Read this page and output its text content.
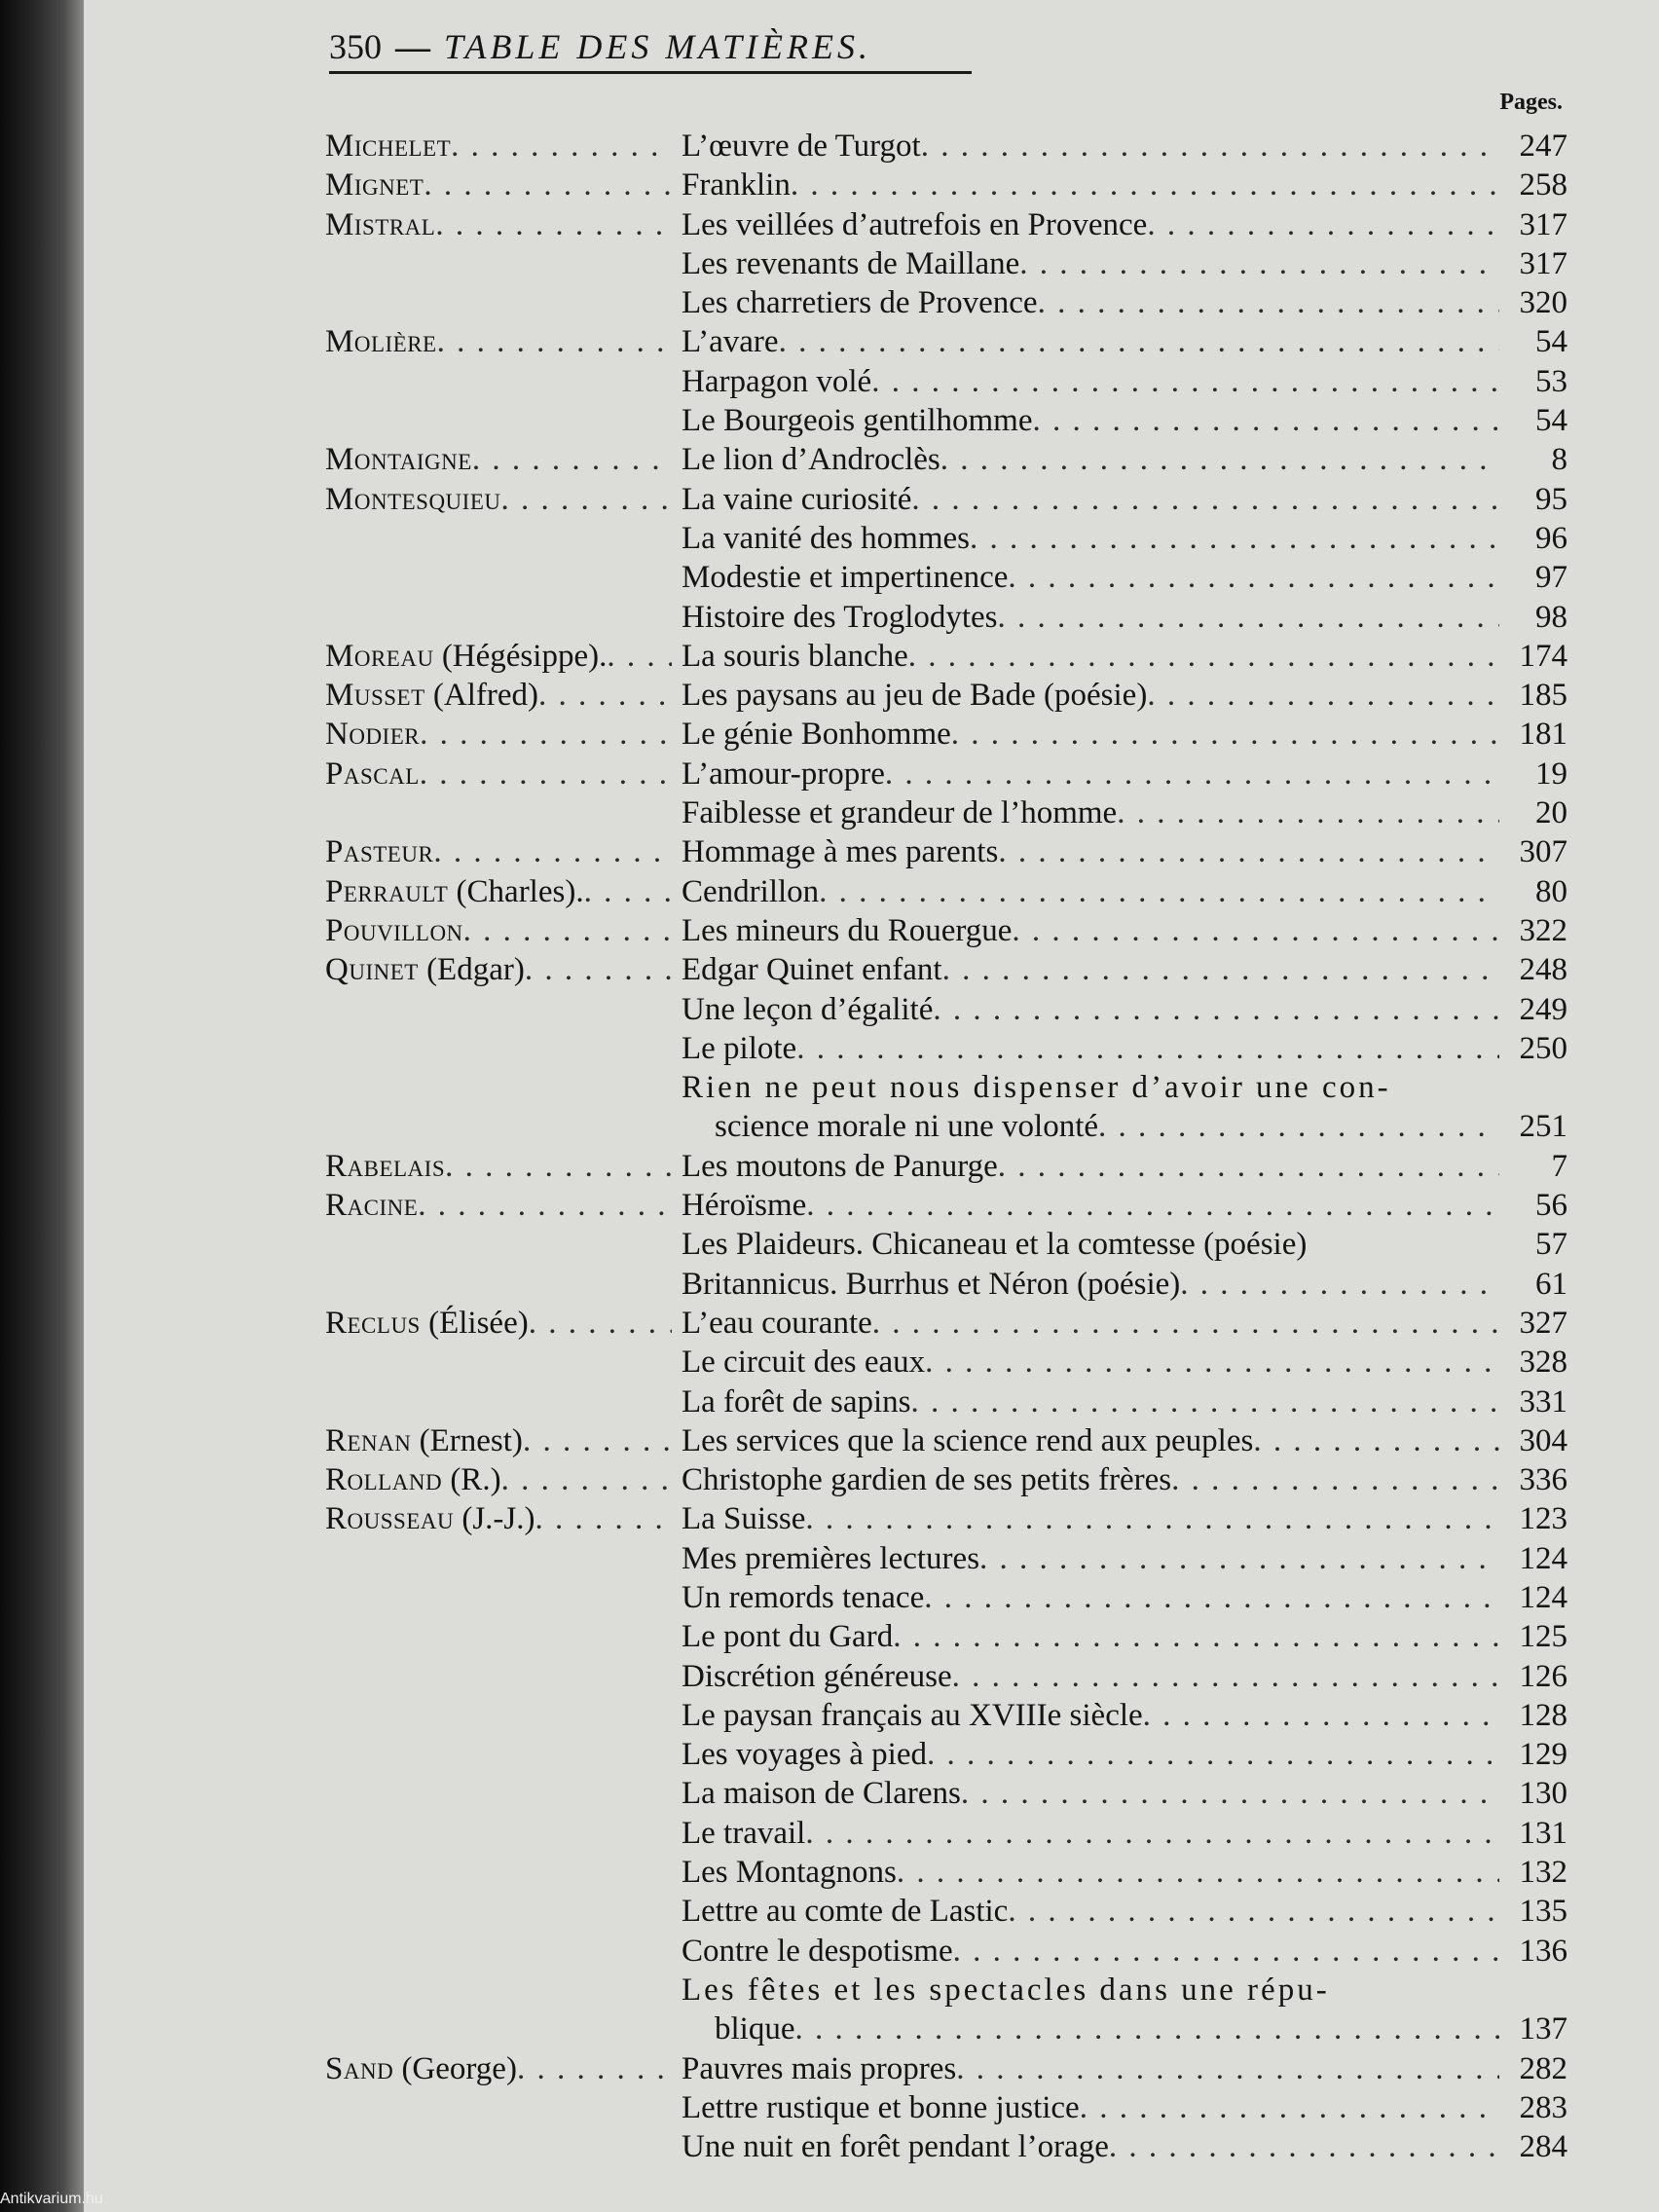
350 — TABLE DES MATIÈRES.
Pages.
Michelet . . .	L’œuvre de Turgot . . .	247
Mignet . . .	Franklin . . .	258
Mistral . . .	Les veillées d’autrefois en Provence . . .	317
Les revenants de Maillane . . .	317
Les charretiers de Provence . . .	320
Molière . . .	L’avare . . .	54
Harpagon volé . . .	53
Le Bourgeois gentilhomme . . .	54
Montaigne . . .	Le lion d’Androclès . . .	8
Montesquieu . . .	La vaine curiosité . . .	95
La vanité des hommes . . .	96
Modestie et impertinence . . .	97
Histoire des Troglodytes . . .	98
Moreau (Hégésippe). . . . La souris blanche . . .	174
Musset (Alfred) . . .	Les paysans au jeu de Bade (poésie) . . .	185
Nodier . . .	Le génie Bonhomme . . .	181
Pascal . . .	L’amour-propre . . .	19
Faiblesse et grandeur de l’homme . . .	20
Pasteur . . .	Hommage à mes parents . . .	307
Perrault (Charles). . . .	Cendrillon . . .	80
Pouvillon . . .	Les mineurs du Rouergue . . .	322
Quinet (Edgar) . . .	Edgar Quinet enfant . . .	248
Une leçon d’égalité . . .	249
Le pilote . . .	250
Rien ne peut nous dispenser d’avoir une con-
science morale ni une volonté . . .	251
Rabelais . . .	Les moutons de Panurge . . .	7
Racine . . .	Héroïsme . . .	56
Les Plaideurs. Chicaneau et la comtesse (poésie)	57
Britannicus. Burrhus et Néron (poésie) . . .	61
Reclus (Élisée) . . .	L’eau courante . . .	327
Le circuit des eaux . . .	328
La forêt de sapins . . .	331
Renan (Ernest) . . .	Les services que la science rend aux peuples . . .	304
Rolland (R.) . . .	Christophe gardien de ses petits frères . . .	336
Rousseau (J.-J.) . . .	La Suisse . . .	123
Mes premières lectures . . .	124
Un remords tenace . . .	124
Le pont du Gard . . .	125
Discrétion généreuse . . .	126
Le paysan français au XVIIIe siècle . . .	128
Les voyages à pied . . .	129
La maison de Clarens . . .	130
Le travail . . .	131
Les Montagnons . . .	132
Lettre au comte de Lastic . . .	135
Contre le despotisme . . .	136
Les fêtes et les spectacles dans une répu-
blique . . .	137
Sand (George) . . .	Pauvres mais propres . . .	282
Lettre rustique et bonne justice . . .	283
Une nuit en forêt pendant l’orage . . .	284
Antikvarium.hu
